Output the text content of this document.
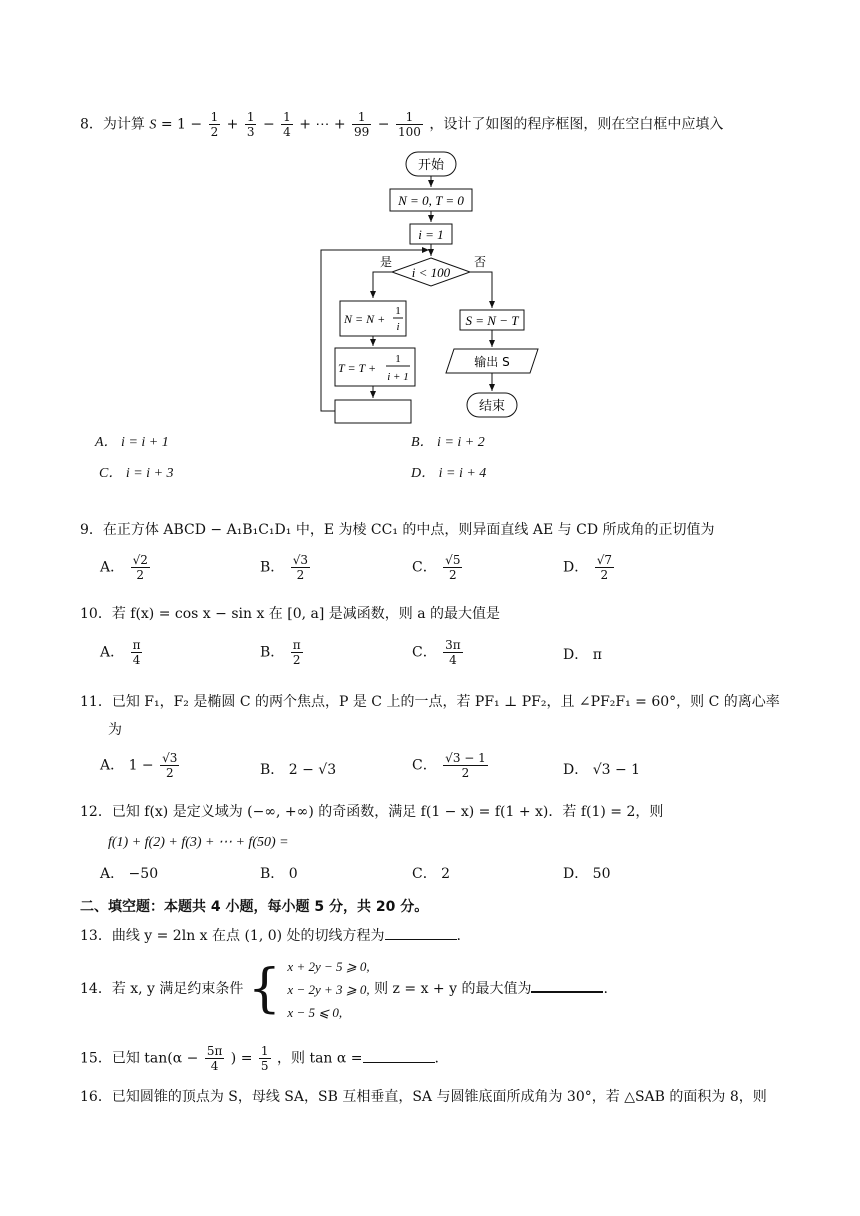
8．为计算 $S = 1 - \frac{1}{2} + \frac{1}{3} - \frac{1}{4}$ + ⋯ + $\frac{1}{99} - \frac{1}{100}$ ，设计了如图的程序框图，则在空白框中应填入
开始
N = 0, T = 0
i = 1
i < 100
是	否
N = N +
1
i
T = T +
1
i + 1
S = N − T
输出 S
结束
A． i = i + 1	B． i = i + 2
C． i = i + 3	D． i = i + 4
9．在正方体 ABCD − A₁B₁C₁D₁ 中，E 为棱 CC₁ 的中点，则异面直线 AE 与 CD 所成角的正切值为
A． $\frac{√2}{2}$	B． $\frac{√3}{2}$	C． $\frac{√5}{2}$	D． $\frac{√7}{2}$
10．若 f(x) = cos x − sin x 在 [0, a] 是减函数，则 a 的最大值是
A． $\frac{\pi}{4}$	B． $\frac{\pi}{2}$	C． $\frac{3\pi}{4}$	D． π
11．已知 F₁，F₂ 是椭圆 C 的两个焦点，P 是 C 上的一点，若 PF₁ ⊥ PF₂，且 ∠PF₂F₁ = 60°，则 C 的离心率
为
A． $1 - \frac{√3}{2}$	B． 2 − √3	C． $\frac{√3 - 1}{2}$	D． √3 − 1
12．已知 f(x) 是定义域为 (−∞, +∞) 的奇函数，满足 f(1 − x) = f(1 + x)．若 f(1) = 2，则
f(1) + f(2) + f(3) + ⋯ + f(50) =
A． −50	B． 0	C． 2	D． 50
二、填空题：本题共 4 小题，每小题 5 分，共 20 分。
13．曲线 y = 2ln x 在点 (1, 0) 处的切线方程为	.
14．若 x, y 满足约束条件 { x + 2y − 5 ⩾ 0,
x − 2y + 3 ⩾ 0,
x − 5 ⩽ 0,
则 z = x + y 的最大值为	.
15．已知 $\tan(\alpha - \frac{5\pi}{4}$ ) = $\frac{1}{5}$ ，则 tan α =	.
16．已知圆锥的顶点为 S，母线 SA，SB 互相垂直，SA 与圆锥底面所成角为 30°，若 △SAB 的面积为 8，则
